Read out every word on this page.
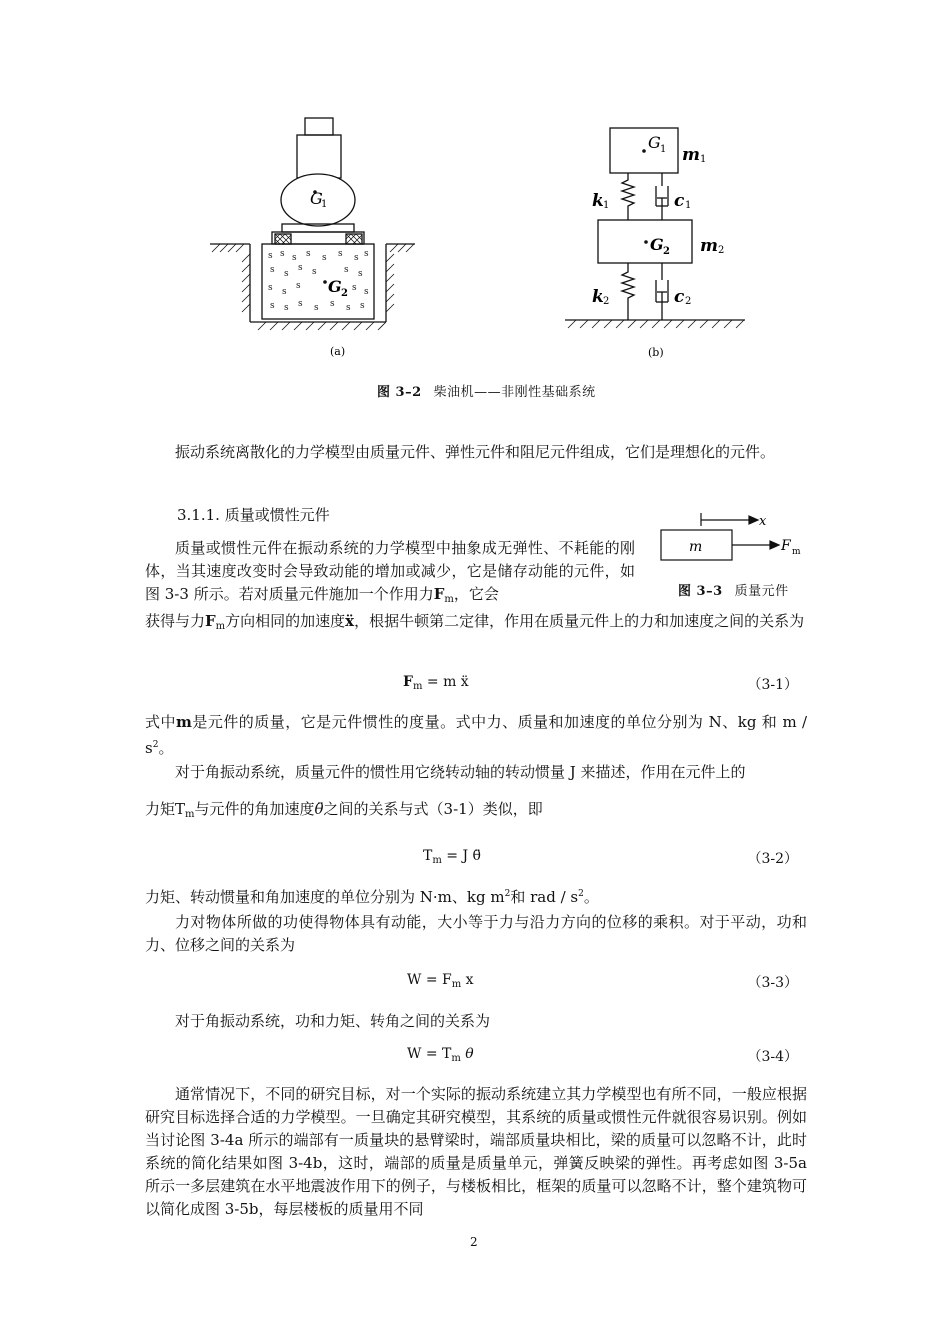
s s s s s s s s
s s
s s	s s
s s
s	s s
s s s s s s s
G
1
G 2
(a)
G 1 m 1
G 2 m 2
k 1	c 1
k 2	c 2
(b)
图 3–2 柴油机——非刚性基础系统
振动系统离散化的力学模型由质量元件、弹性元件和阻尼元件组成，它们是理想化的元件。
3.1.1. 质量或惯性元件
m
x
F m
图 3–3 质量元件
质量或惯性元件在振动系统的力学模型中抽象成无弹性、不耗能的刚体，当其速度改变时会导致动能的增加或减少，它是储存动能的元件，如图 3-3 所示。若对质量元件施加一个作用力$F_m$，它会
获得与力$F_m$方向相同的加速度ẍ，根据牛顿第二定律，作用在质量元件上的力和加速度之间的关系为
$F_m = m$ ẍ	（3-1）
式中m是元件的质量，它是元件惯性的度量。式中力、质量和加速度的单位分别为 N、kg 和 m / $s^2$。
对于角振动系统，质量元件的惯性用它绕转动轴的转动惯量 J 来描述，作用在元件上的
力矩$T_m$与元件的角加速度θ̈之间的关系与式（3-1）类似，即
$T_m = J$ θ̈	（3-2）
力矩、转动惯量和角加速度的单位分别为 N·m、kg $m^2$和 rad / $s^2$。
力对物体所做的功使得物体具有动能，大小等于力与沿力方向的位移的乘积。对于平动，功和力、位移之间的关系为
$W = F_m$ x	（3-3）
对于角振动系统，功和力矩、转角之间的关系为
$W = T_m$ θ	（3-4）
通常情况下，不同的研究目标，对一个实际的振动系统建立其力学模型也有所不同，一般应根据研究目标选择合适的力学模型。一旦确定其研究模型，其系统的质量或惯性元件就很容易识别。例如当讨论图 3-4a 所示的端部有一质量块的悬臂梁时，端部质量块相比，梁的质量可以忽略不计，此时系统的简化结果如图 3-4b，这时，端部的质量是质量单元，弹簧反映梁的弹性。再考虑如图 3-5a 所示一多层建筑在水平地震波作用下的例子，与楼板相比，框架的质量可以忽略不计，整个建筑物可以简化成图 3-5b，每层楼板的质量用不同
2
